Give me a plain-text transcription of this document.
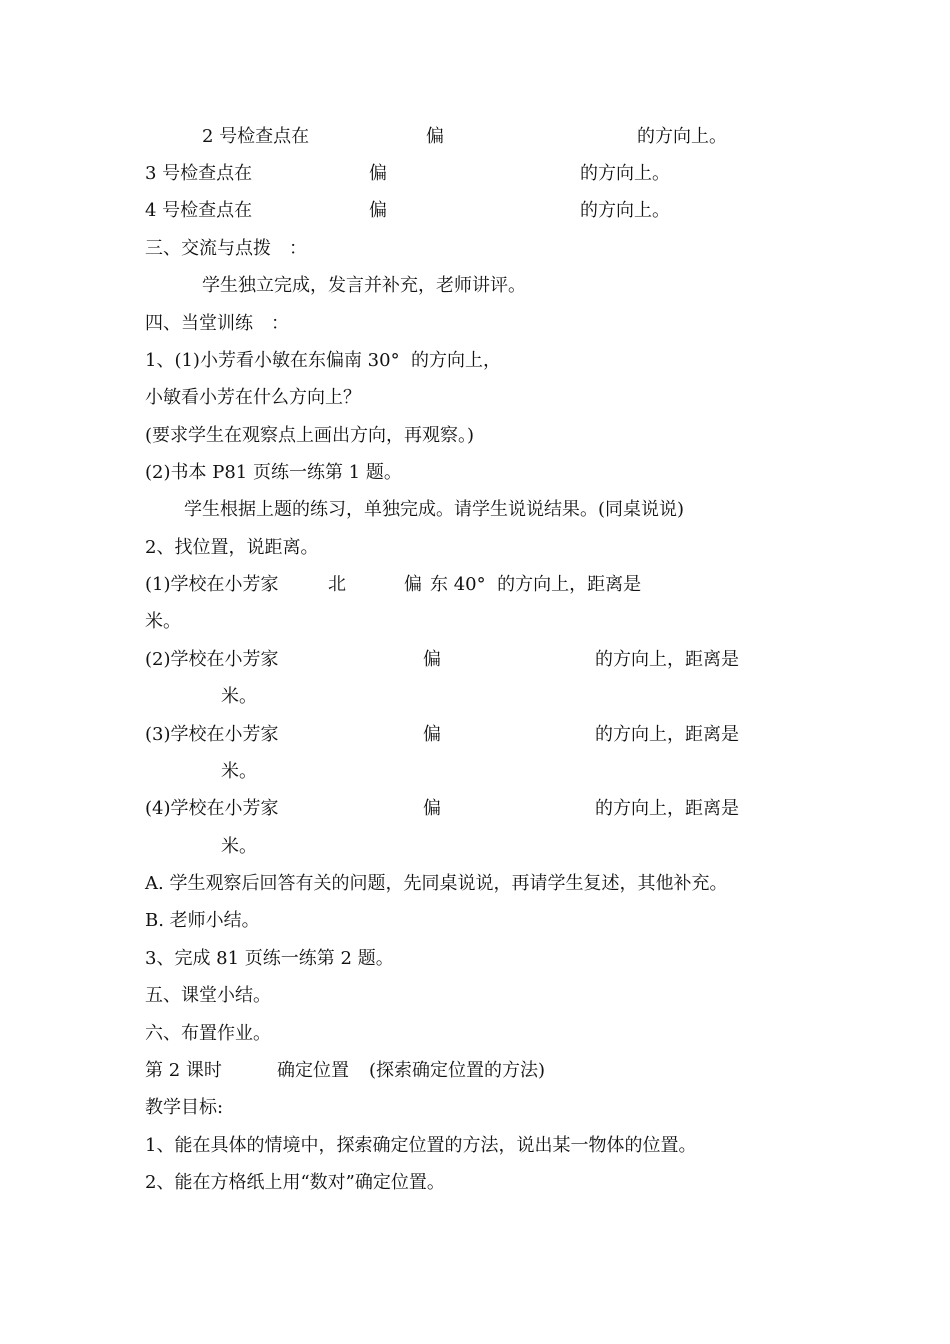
2 号检查点在	偏	的方向上。
3 号检查点在	偏	的方向上。
4 号检查点在	偏	的方向上。
三、交流与点拨　：
学生独立完成，发言并补充，老师讲评。
四、当堂训练　：
1、(1)小芳看小敏在东偏南 30°  的方向上，
小敏看小芳在什么方向上？
(要求学生在观察点上画出方向，再观察。)
(2)书本 P81 页练一练第 1 题。
学生根据上题的练习，单独完成。请学生说说结果。(同桌说说)
2、找位置，说距离。
(1)学校在小芳家	北	偏 东 40°  的方向上，距离是
米。
(2)学校在小芳家	偏	的方向上，距离是
米。
(3)学校在小芳家	偏	的方向上，距离是
米。
(4)学校在小芳家	偏	的方向上，距离是
米。
A. 学生观察后回答有关的问题，先同桌说说，再请学生复述，其他补充。
B. 老师小结。
3、完成 81 页练一练第 2 题。
五、课堂小结。
六、布置作业。
第 2 课时	确定位置 (探索确定位置的方法)
教学目标:
1、能在具体的情境中，探索确定位置的方法，说出某一物体的位置。
2、能在方格纸上用“数对”确定位置。
